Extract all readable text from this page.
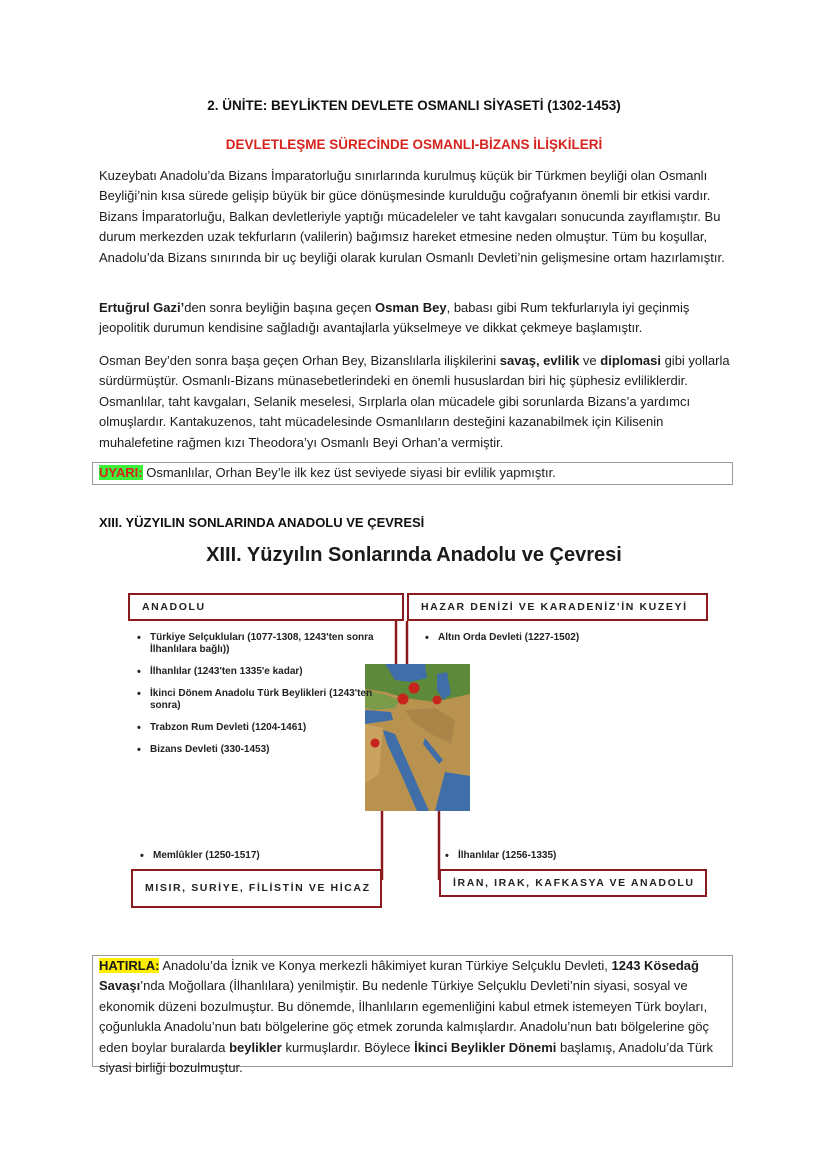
2. ÜNİTE: BEYLİKTEN DEVLETE OSMANLI SİYASETİ (1302-1453)
DEVLETLEŞME SÜRECİNDE OSMANLI-BİZANS İLİŞKİLERİ

Kuzeybatı Anadolu’da Bizans İmparatorluğu sınırlarında kurulmuş küçük bir Türkmen beyliği olan Osmanlı Beyliği’nin kısa sürede gelişip büyük bir güce dönüşmesinde kurulduğu coğrafyanın önemli bir etkisi vardır. Bizans İmparatorluğu, Balkan devletleriyle yaptığı mücadeleler ve taht kavgaları sonucunda zayıflamıştır. Bu durum merkezden uzak tekfurların (valilerin) bağımsız hareket etmesine neden olmuştur. Tüm bu koşullar, Anadolu’da Bizans sınırında bir uç beyliği olarak kurulan Osmanlı Devleti’nin gelişmesine ortam hazırlamıştır.

Ertuğrul Gazi’den sonra beyliğin başına geçen Osman Bey, babası gibi Rum tekfurlarıyla iyi geçinmiş jeopolitik durumun kendisine sağladığı avantajlarla yükselmeye ve dikkat çekmeye başlamıştır.

Osman Bey’den sonra başa geçen Orhan Bey, Bizanslılarla ilişkilerini savaş, evlilik ve diplomasi gibi yollarla sürdürmüştür. Osmanlı-Bizans münasebetlerindeki en önemli hususlardan biri hiç şüphesiz evliliklerdir. Osmanlılar, taht kavgaları, Selanik meselesi, Sırplarla olan mücadele gibi sorunlarda Bizans’a yardımcı olmuşlardır. Kantakuzenos, taht mücadelesinde Osmanlıların desteğini kazanabilmek için Kilisenin muhalefetine rağmen kızı Theodora’yı Osmanlı Beyi Orhan’a vermiştir.

UYARI: Osmanlılar, Orhan Bey’le ilk kez üst seviyede siyasi bir evlilik yapmıştır.
XIII. YÜZYILIN SONLARINDA ANADOLU VE ÇEVRESİ
XIII. Yüzyılın Sonlarında Anadolu ve Çevresi
ANADOLU	HAZAR DENİZİ VE KARADENİZ’İN KUZEYİ
MISIR, SURİYE, FİLİSTİN VE HİCAZ	İRAN, IRAK, KAFKASYA VE ANADOLU
• Türkiye Selçukluları (1077-1308, 1243'ten sonra İlhanlılara bağlı))
• İlhanlılar (1243'ten 1335'e kadar)
• İkinci Dönem Anadolu Türk Beylikleri (1243'ten sonra)
• Trabzon Rum Devleti (1204-1461)
• Bizans Devleti (330-1453)
• Altın Orda Devleti (1227-1502)
• Memlûkler (1250-1517)
•	İlhanlılar (1256-1335)
HATIRLA: Anadolu’da İznik ve Konya merkezli hâkimiyet kuran Türkiye Selçuklu Devleti, 1243 Kösedağ Savaşı’nda Moğollara (İlhanlılara) yenilmiştir. Bu nedenle Türkiye Selçuklu Devleti’nin siyasi, sosyal ve ekonomik düzeni bozulmuştur. Bu dönemde, İlhanlıların egemenliğini kabul etmek istemeyen Türk boyları, çoğunlukla Anadolu’nun batı bölgelerine göç etmek zorunda kalmışlardır. Anadolu’nun batı bölgelerine göç eden boylar buralarda beylikler kurmuşlardır. Böylece İkinci Beylikler Dönemi başlamış, Anadolu’da Türk siyasi birliği bozulmuştur.
